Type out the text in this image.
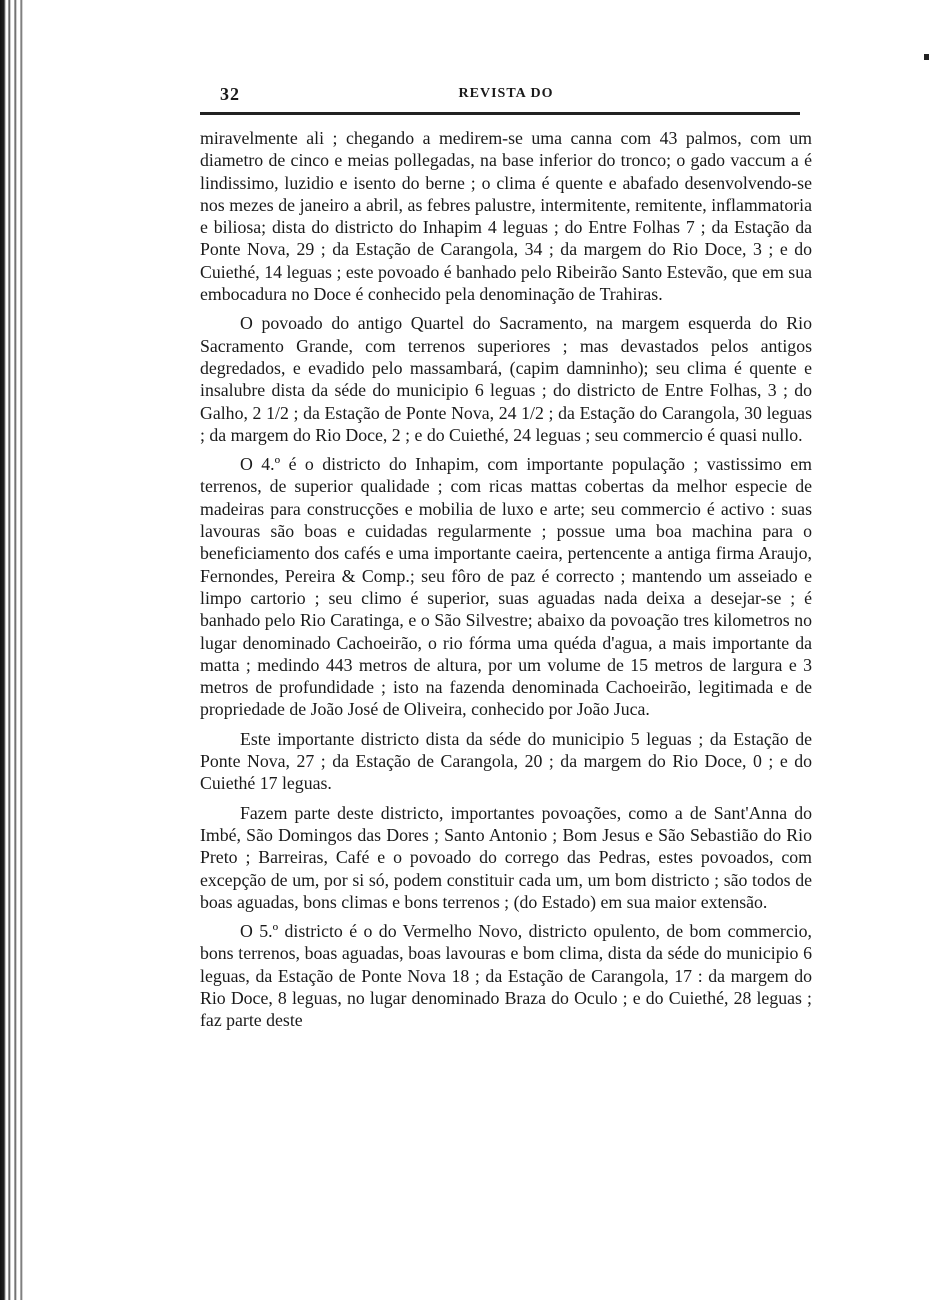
32	REVISTA DO

miravelmente ali ; chegando a medirem-se uma canna com 43 palmos, com um diametro de cinco e meias pollegadas, na base inferior do tronco; o gado vaccum a é lindissimo, luzidio e isento do berne ; o clima é quente e abafado desenvolvendo-se nos mezes de janeiro a abril, as febres palustre, intermitente, remitente, inflammatoria e biliosa; dista do districto do Inhapim 4 leguas ; do Entre Folhas 7 ; da Estação da Ponte Nova, 29 ; da Estação de Carangola, 34 ; da margem do Rio Doce, 3 ; e do Cuiethé, 14 leguas ; este povoado é banhado pelo Ribeirão Santo Estevão, que em sua embocadura no Doce é conhecido pela denominação de Trahiras.

O povoado do antigo Quartel do Sacramento, na margem esquerda do Rio Sacramento Grande, com terrenos superiores ; mas devastados pelos antigos degredados, e evadido pelo massambará, (capim damninho); seu clima é quente e insalubre dista da séde do municipio 6 leguas ; do districto de Entre Folhas, 3 ; do Galho, 2 1/2 ; da Estação de Ponte Nova, 24 1/2 ; da Estação do Carangola, 30 leguas ; da margem do Rio Doce, 2 ; e do Cuiethé, 24 leguas ; seu commercio é quasi nullo.

O 4.º é o districto do Inhapim, com importante população ; vastissimo em terrenos, de superior qualidade ; com ricas mattas cobertas da melhor especie de madeiras para construcções e mobilia de luxo e arte; seu commercio é activo : suas lavouras são boas e cuidadas regularmente ; possue uma boa machina para o beneficiamento dos cafés e uma importante caeira, pertencente a antiga firma Araujo, Fernondes, Pereira & Comp.; seu fôro de paz é correcto ; mantendo um asseiado e limpo cartorio ; seu climo é superior, suas aguadas nada deixa a desejar-se ; é banhado pelo Rio Caratinga, e o São Silvestre; abaixo da povoação tres kilometros no lugar denominado Cachoeirão, o rio fórma uma quéda d'agua, a mais importante da matta ; medindo 443 metros de altura, por um volume de 15 metros de largura e 3 metros de profundidade ; isto na fazenda denominada Cachoeirão, legitimada e de propriedade de João José de Oliveira, conhecido por João Juca.

Este importante districto dista da séde do municipio 5 leguas ; da Estação de Ponte Nova, 27 ; da Estação de Carangola, 20 ; da margem do Rio Doce, 0 ; e do Cuiethé 17 leguas.

Fazem parte deste districto, importantes povoações, como a de Sant'Anna do Imbé, São Domingos das Dores ; Santo Antonio ; Bom Jesus e São Sebastião do Rio Preto ; Barreiras, Café e o povoado do corrego das Pedras, estes povoados, com excepção de um, por si só, podem constituir cada um, um bom districto ; são todos de boas aguadas, bons climas e bons terrenos ; (do Estado) em sua maior extensão.

O 5.º districto é o do Vermelho Novo, districto opulento, de bom commercio, bons terrenos, boas aguadas, boas lavouras e bom clima, dista da séde do municipio 6 leguas, da Estação de Ponte Nova 18 ; da Estação de Carangola, 17 : da margem do Rio Doce, 8 leguas, no lugar denominado Braza do Oculo ; e do Cuiethé, 28 leguas ; faz parte deste
